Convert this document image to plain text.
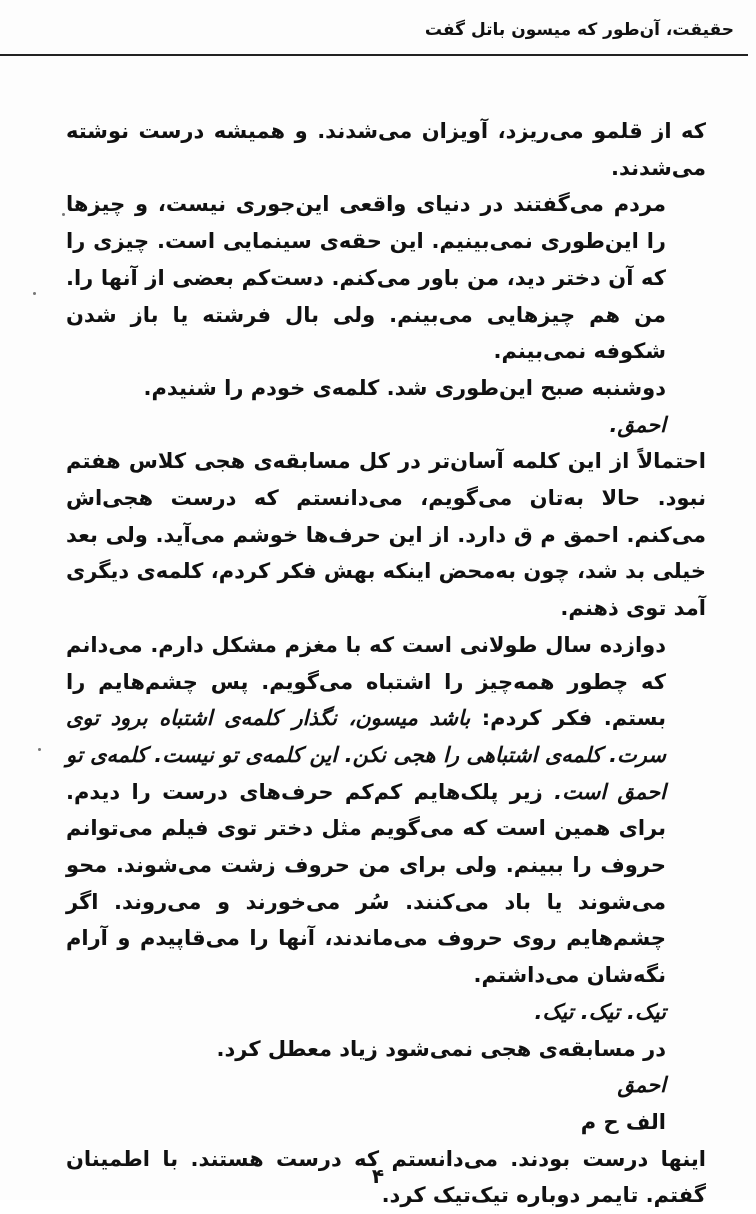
حقیقت، آن‌طور که میسون باتل گفت

که از قلمو می‌ریزد، آویزان می‌شدند. و همیشه درست نوشته می‌شدند.

مردم می‌گفتند در دنیای واقعی این‌جوری نیست، و چیزها را این‌طوری نمی‌بینیم. این حقه‌ی سینمایی است. چیزی را که آن دختر دید، من باور می‌کنم. دست‌کم بعضی از آنها را. من هم چیزهایی می‌بینم. ولی بال فرشته یا باز شدن شکوفه نمی‌بینم.

دوشنبه صبح این‌طوری شد. کلمه‌ی خودم را شنیدم.

احمق.

احتمالاً از این کلمه آسان‌تر در کل مسابقه‌ی هجی کلاس هفتم نبود. حالا به‌تان می‌گویم، می‌دانستم که درست هجی‌اش می‌کنم. احمق م ق دارد. از این حرف‌ها خوشم می‌آید. ولی بعد خیلی بد شد، چون به‌محض اینکه بهش فکر کردم، کلمه‌ی دیگری آمد توی ذهنم.

دوازده سال طولانی است که با مغزم مشکل دارم. می‌دانم که چطور همه‌چیز را اشتباه می‌گویم. پس چشم‌هایم را بستم. فکر کردم: باشد میسون، نگذار کلمه‌ی اشتباه برود توی سرت. کلمه‌ی اشتباهی را هجی نکن. این کلمه‌ی تو نیست. کلمه‌ی تو احمق است. زیر پلک‌هایم کم‌کم حرف‌های درست را دیدم. برای همین است که می‌گویم مثل دختر توی فیلم می‌توانم حروف را ببینم. ولی برای من حروف زشت می‌شوند. محو می‌شوند یا باد می‌کنند. سُر می‌خورند و می‌روند. اگر چشم‌هایم روی حروف می‌ماندند، آنها را می‌قاپیدم و آرام نگه‌شان می‌داشتم.

تیک. تیک. تیک.

در مسابقه‌ی هجی نمی‌شود زیاد معطل کرد.

احمق

الف ح م

اینها درست بودند. می‌دانستم که درست هستند. با اطمینان گفتم. تایمر دوباره تیک‌تیک کرد.

۴
